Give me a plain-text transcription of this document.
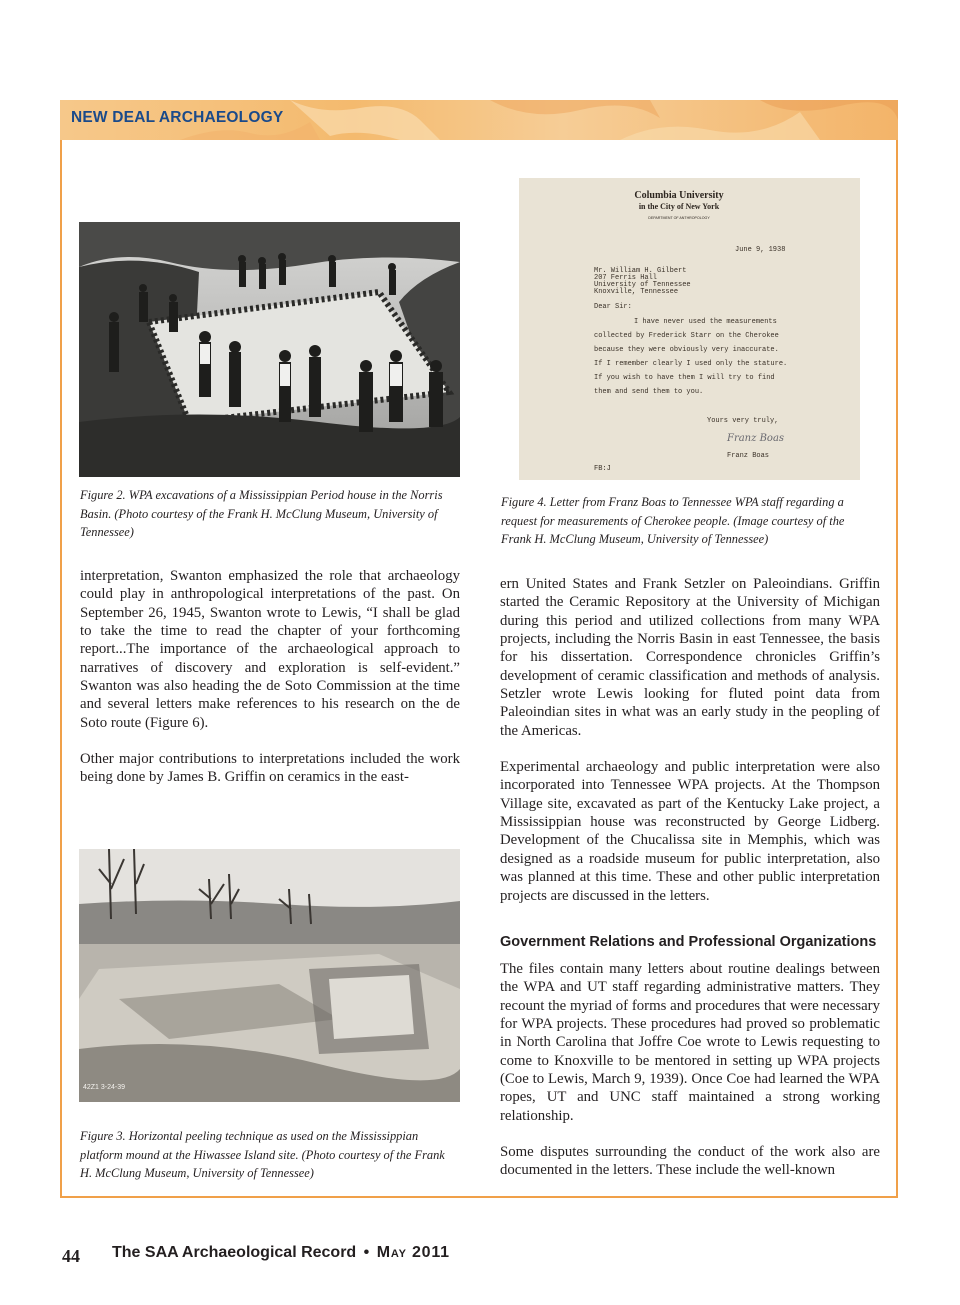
NEW DEAL ARCHAEOLOGY
Figure 2. WPA excavations of a Mississippian Period house in the Norris Basin. (Photo courtesy of the Frank H. McClung Museum, University of Tennessee)
Columbia University
in the City of New York
DEPARTMENT OF ANTHROPOLOGY
June 9, 1938
Mr. William H. Gilbert
207 Ferris Hall
University of Tennessee
Knoxville, Tennessee
Dear Sir:
I have never used the measurements
collected by Frederick Starr on the Cherokee
because they were obviously very inaccurate.
If I remember clearly I used only the stature.
If you wish to have them I will try to find
them and send them to you.
Yours very truly,
Franz Boas
Franz Boas
FB:J
Figure 4. Letter from Franz Boas to Tennessee WPA staff regarding a request for measurements of Cherokee people. (Image courtesy of the Frank H. McClung Museum, University of Tennessee)

interpretation, Swanton emphasized the role that archaeology could play in anthropological interpretations of the past. On September 26, 1945, Swanton wrote to Lewis, “I shall be glad to take the time to read the chapter of your forthcoming report...The importance of the archaeological approach to narratives of discovery and exploration is self-evident.” Swanton was also heading the de Soto Commission at the time and several letters make references to his research on the de Soto route (Figure 6).

Other major contributions to interpretations included the work being done by James B. Griffin on ceramics in the east-

42Z1 3-24-39
Figure 3. Horizontal peeling technique as used on the Mississippian platform mound at the Hiwassee Island site. (Photo courtesy of the Frank H. McClung Museum, University of Tennessee)

ern United States and Frank Setzler on Paleoindians. Griffin started the Ceramic Repository at the University of Michigan during this period and utilized collections from many WPA projects, including the Norris Basin in east Tennessee, the basis for his dissertation. Correspondence chronicles Griffin’s development of ceramic classification and methods of analysis. Setzler wrote Lewis looking for fluted point data from Paleoindian sites in what was an early study in the peopling of the Americas.

Experimental archaeology and public interpretation were also incorporated into Tennessee WPA projects. At the Thompson Village site, excavated as part of the Kentucky Lake project, a Mississippian house was reconstructed by George Lidberg. Development of the Chucalissa site in Memphis, which was designed as a roadside museum for public interpretation, also was planned at this time. These and other public interpretation projects are discussed in the letters.

Government Relations and Professional Organizations

The files contain many letters about routine dealings between the WPA and UT staff regarding administrative matters. They recount the myriad of forms and procedures that were necessary for WPA projects. These procedures had proved so problematic in North Carolina that Joffre Coe wrote to Lewis requesting to come to Knoxville to be mentored in setting up WPA projects (Coe to Lewis, March 9, 1939). Once Coe had learned the WPA ropes, UT and UNC staff maintained a strong working relationship.

Some disputes surrounding the conduct of the work also are documented in the letters. These include the well-known

44 The SAA Archaeological Record • May 2011
